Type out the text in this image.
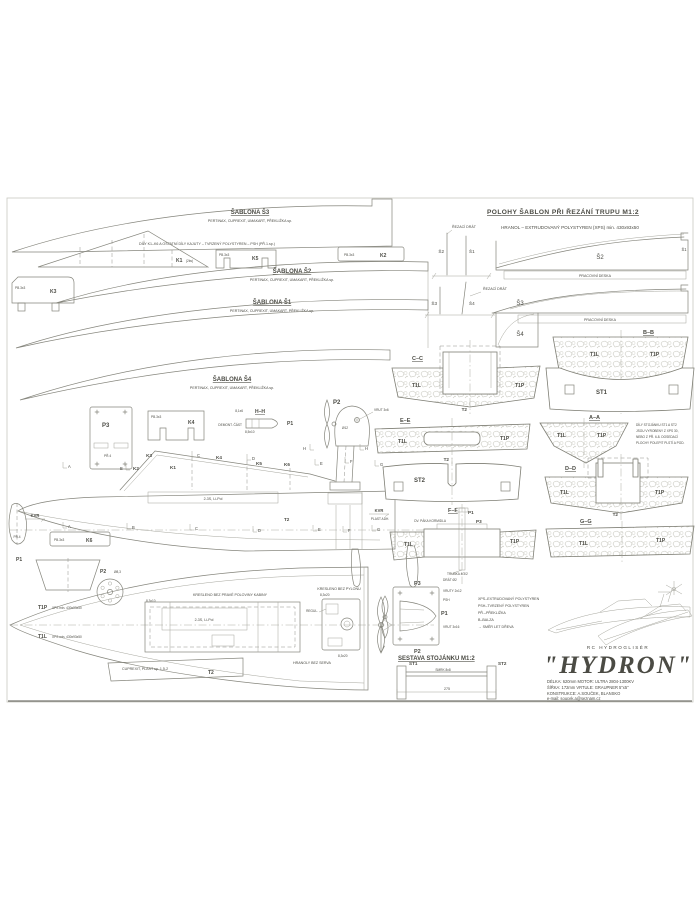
ŠABLONA Š3
PERTINAX, CUPREXIT, UMAKART, PŘEKLIŽKA sp.
DÍLY K1–K6 A OSTATNÍ DÍLY KAJUTY – TVRZENÝ POLYSTYREN – PSH (PŘ.1.sp.)
K1 (2ks)
PB.3x3
K5
PB.3x3	K2
PB.3x3
K3
ŠABLONA Š2
PERTINAX, CUPREXIT, UMAKART, PŘEKLIŽKA sp.
ŠABLONA Š1
PERTINAX, CUPREXIT, UMAKART, PŘEKLIŽKA sp.
ŠABLONA Š4
PERTINAX, CUPREXIT, UMAKART, PŘEKLIŽKA sp.
POLOHY ŠABLON PŘI ŘEZÁNÍ TRUPU M1:2
HRANOL – EXTRUDOVANÝ POLYSTYREN (XPS) min. 430x93x50
ŘEZACÍ DRÁT
Š2	Š1
Š2
Š1
PRACOVNÍ DESKA
ŘEZACÍ DRÁT
Š3	Š4	Š3
PRACOVNÍ DESKA
Š4
PŘ.4
P3
PB.3x3
K4
8,1x6 H–H
P1
DEMONT. ČÁST
8,5x10
P2
Ø12
VRUT 3x6
K3
K1
K2
K4
K5	K6
A	B
C
D
E	F
G
H	H
2-3S, Li-Pol
T2
KVR
KVR
PLAST ADH.
A	B	C	D	E	F	G
PB.3x3	K6
PŘ.4
P1
P2 Ø8,3
T1P XPS min. 430x93x50
T1L XPS min. 430x93x50
KRESLENO BEZ PRAVÉ POLOVINY KABINY
8,3x10
2-3S, Li-Pol
KRESLENO BEZ PYLONU
8,3x20
REGUL.
8,3x20
HRANOLY BEZ SERVA
CUPREXIT, PLAST sp. 1,5-2
T2
C–C
T1L	T1P
T2
E–E
T1L	T1P
T2
ST2
F–F P1
P3
DV. PÁKA KORMIDLA
T1L	T1P
TRUBKA 4/3/2
DRÁT Ø2
P3
P1
P2
VRUTY 2x12
PSH
VRUT 3x16
XPS–EXTRUDOVANÝ POLYSTYREN
PSH–TVRZENÝ POLYSTYREN
PŘ.–PŘEKLIŽKA
B–BALZA
→ SMĚR LET DŘEVA
SESTAVA STOJÁNKU M1:2
SMRK 8x8
ST1	ST2
275
B–B
T1L	T1P
ST1
A–A
T1L	T1P
DÍLY STOJÁNKU ST1 A ST2
JSOU VYROBENY Z XPS 30,
NEBO Z PŘ. 6-8. DOSEDACÍ
PLOCHY POLEPIT PLSTÍ A POD.
D–D
T1L	T1P
T2
G–G
T1L	T1P
RC HYDROGLISÉR
"HYDRON"
DÉLKA: 620mm MOTOR: ULTRA 2804-1300KV
ŠÍŘKA: 172mm VRTULE: GRAUPNER 5"x5"
KONSTRUKCE: A.SOUČEK, BLANSKO
e-mail: soucek.a@seznam.cz
